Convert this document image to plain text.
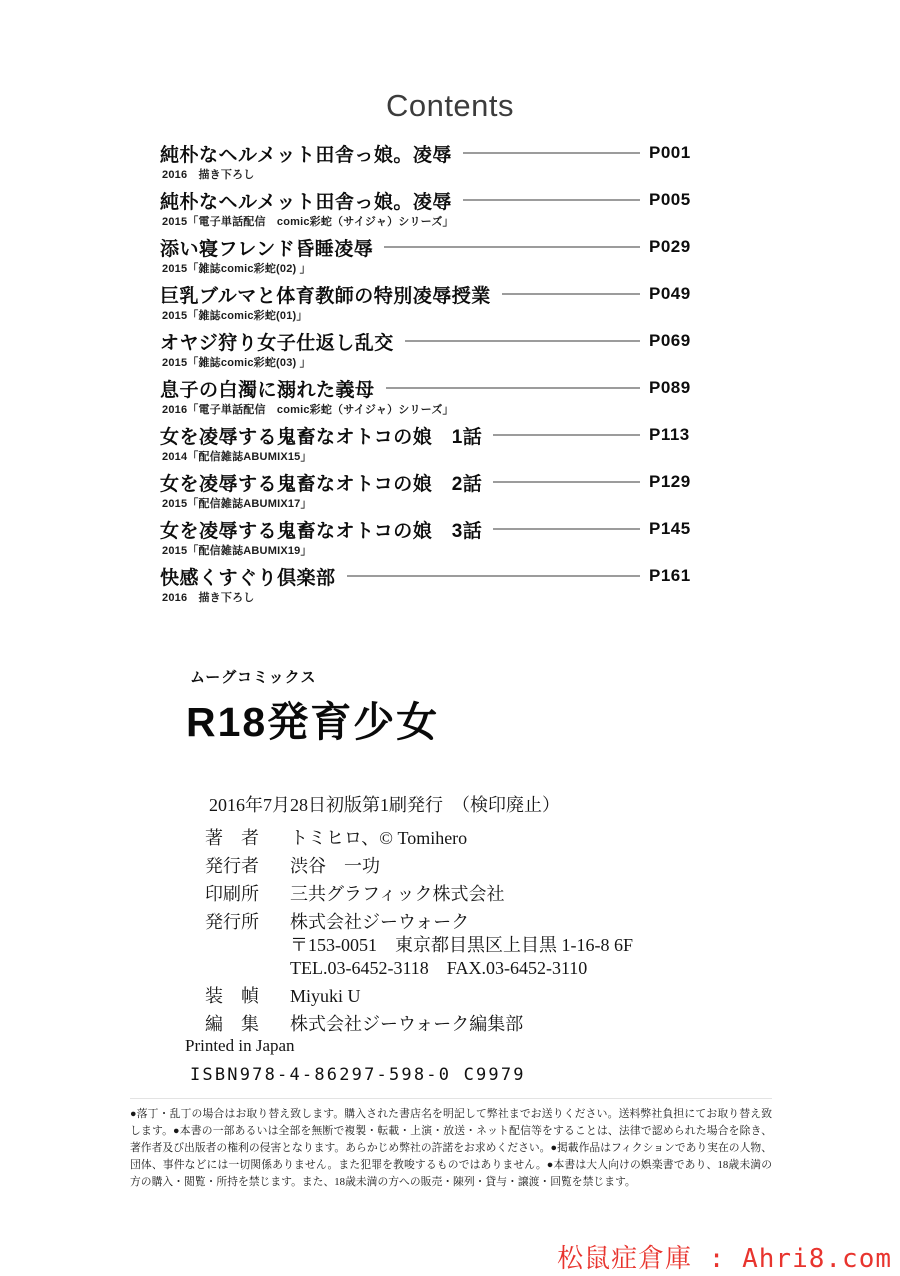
Contents
純朴なヘルメット田舎っ娘。凌辱	P001
2016　描き下ろし
純朴なヘルメット田舎っ娘。凌辱	P005
2015「電子単話配信　comic彩蛇（サイジャ）シリーズ」
添い寝フレンド昏睡凌辱	P029
2015「雑誌comic彩蛇(02) 」
巨乳ブルマと体育教師の特別凌辱授業	P049
2015「雑誌comic彩蛇(01)」
オヤジ狩り女子仕返し乱交	P069
2015「雑誌comic彩蛇(03) 」
息子の白濁に溺れた義母	P089
2016「電子単話配信　comic彩蛇（サイジャ）シリーズ」
女を凌辱する鬼畜なオトコの娘　1話	P113
2014「配信雑誌ABUMIX15」
女を凌辱する鬼畜なオトコの娘　2話	P129
2015「配信雑誌ABUMIX17」
女を凌辱する鬼畜なオトコの娘　3話	P145
2015「配信雑誌ABUMIX19」
快感くすぐり倶楽部	P161
2016　描き下ろし
ムーグコミックス
R18発育少女
2016年7月28日初版第1刷発行　（検印廃止）
著　者	トミヒロ、© Tomihero
発行者	渋谷　一功
印刷所	三共グラフィック株式会社
発行所	株式会社ジーウォーク
〒153-0051　東京都目黒区上目黒 1-16-8 6F
TEL.03-6452-3118　FAX.03-6452-3110
装　幀	Miyuki U
編　集	株式会社ジーウォーク編集部
Printed in Japan
ISBN978-4-86297-598-0 C9979
●落丁・乱丁の場合はお取り替え致します。購入された書店名を明記して弊社までお送りください。送料弊社負担にてお取り替え致します。●本書の一部あるいは全部を無断で複製・転載・上演・放送・ネット配信等をすることは、法律で認められた場合を除き、著作者及び出版者の権利の侵害となります。あらかじめ弊社の許諾をお求めください。●掲載作品はフィクションであり実在の人物、団体、事件などには一切関係ありません。また犯罪を教唆するものではありません。●本書は大人向けの娯楽書であり、18歳未満の方の購入・閲覧・所持を禁じます。また、18歳未満の方への販売・陳列・貸与・譲渡・回覧を禁じます。
松鼠症倉庫 : Ahri8.com
